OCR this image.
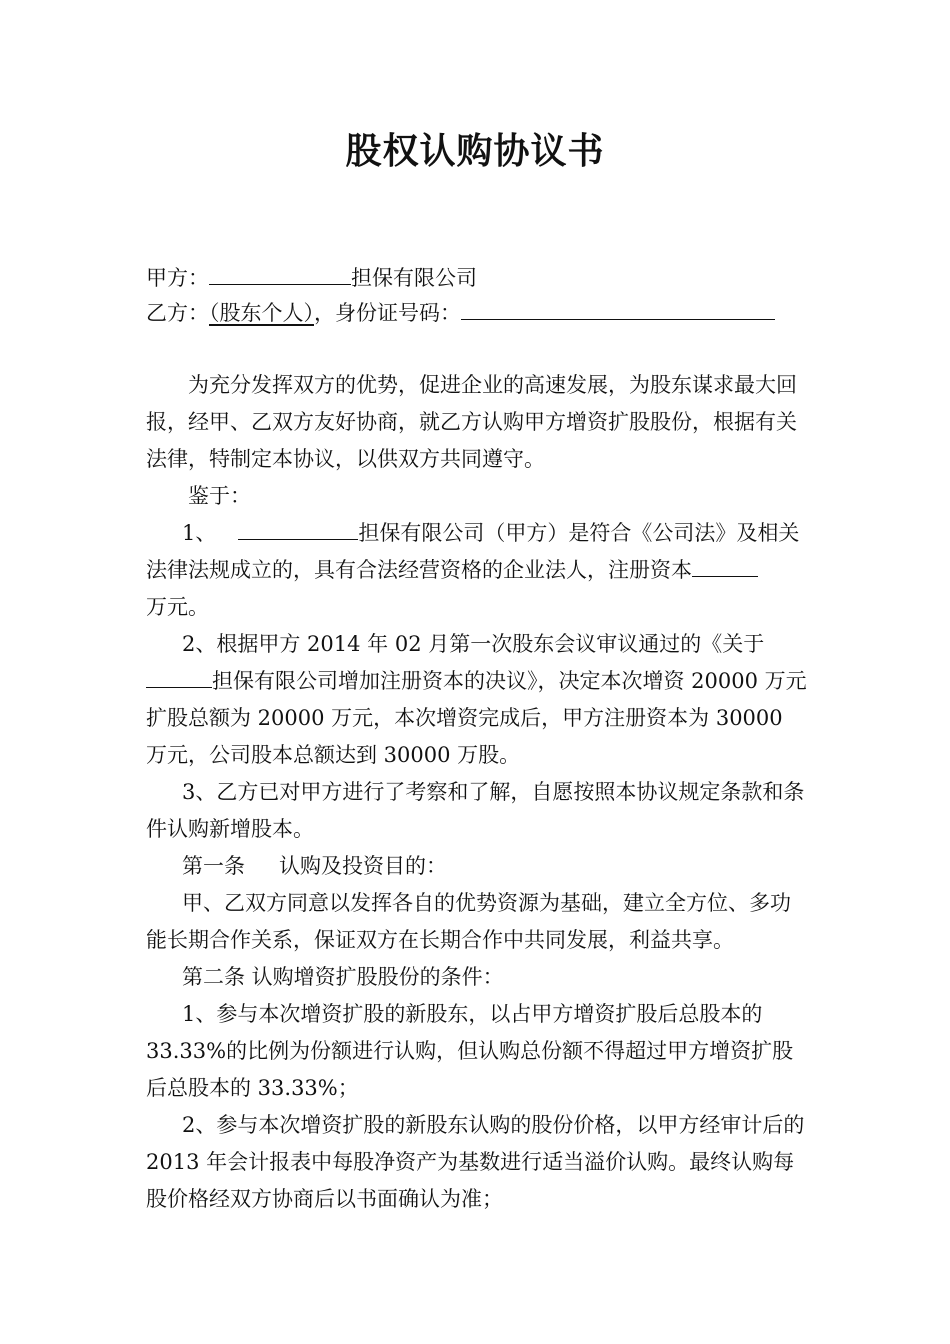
股权认购协议书
甲方：	担保有限公司
乙方：（股东个人），身份证号码：

为充分发挥双方的优势，促进企业的高速发展，为股东谋求最大回报，经甲、乙双方友好协商，就乙方认购甲方增资扩股股份，根据有关法律，特制定本协议，以供双方共同遵守。

鉴于：

1、	担保有限公司（甲方）是符合《公司法》及相关法律法规成立的，具有合法经营资格的企业法人，注册资本
万元。

2、根据甲方 2014 年 02 月第一次股东会议审议通过的《关于
担保有限公司增加注册资本的决议》，决定本次增资 20000 万元扩股总额为 20000 万元，本次增资完成后，甲方注册资本为 30000 万元，公司股本总额达到 30000 万股。

3、乙方已对甲方进行了考察和了解，自愿按照本协议规定条款和条件认购新增股本。

第一条 认购及投资目的：

甲、乙双方同意以发挥各自的优势资源为基础，建立全方位、多功能长期合作关系，保证双方在长期合作中共同发展，利益共享。

第二条 认购增资扩股股份的条件：

1、参与本次增资扩股的新股东，以占甲方增资扩股后总股本的 33.33%的比例为份额进行认购，但认购总份额不得超过甲方增资扩股后总股本的 33.33%；

2、参与本次增资扩股的新股东认购的股份价格，以甲方经审计后的 2013 年会计报表中每股净资产为基数进行适当溢价认购。最终认购每股价格经双方协商后以书面确认为准；
